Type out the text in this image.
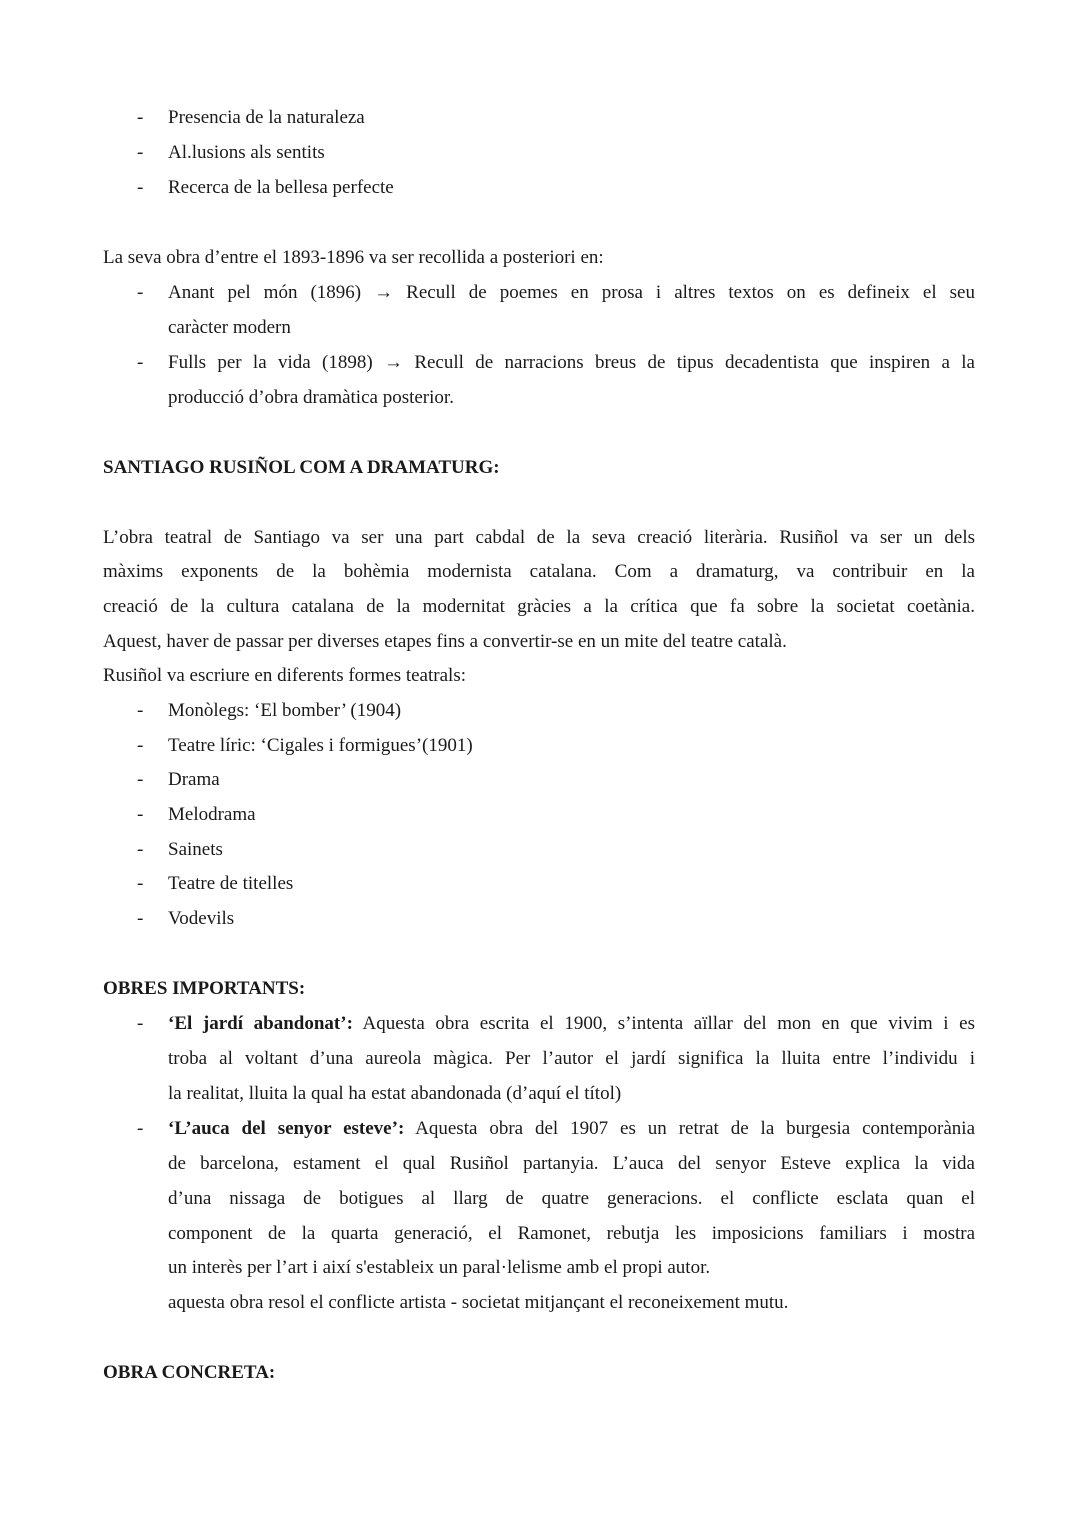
- Presencia de la naturaleza
- Al.lusions als sentits
- Recerca de la bellesa perfecte
La seva obra d’entre el 1893-1896 va ser recollida a posteriori en:
- Anant pel món (1896) → Recull de poemes en prosa i altres textos on es defineix el seu
caràcter modern
- Fulls per la vida (1898) → Recull de narracions breus de tipus decadentista que inspiren a la
producció d’obra dramàtica posterior.
SANTIAGO RUSIÑOL COM A DRAMATURG:
L’obra teatral de Santiago va ser una part cabdal de la seva creació literària. Rusiñol va ser un dels
màxims exponents de la bohèmia modernista catalana. Com a dramaturg, va contribuir en la
creació de la cultura catalana de la modernitat gràcies a la crítica que fa sobre la societat coetània.
Aquest, haver de passar per diverses etapes fins a convertir-se en un mite del teatre català.
Rusiñol va escriure en diferents formes teatrals:
- Monòlegs: ‘El bomber’ (1904)
- Teatre líric: ‘Cigales i formigues’(1901)
- Drama
- Melodrama
- Sainets
- Teatre de titelles
- Vodevils
OBRES IMPORTANTS:
- ‘El jardí abandonat’: Aquesta obra escrita el 1900, s’intenta aïllar del mon en que vivim i es
troba al voltant d’una aureola màgica. Per l’autor el jardí significa la lluita entre l’individu i
la realitat, lluita la qual ha estat abandonada (d’aquí el títol)
- ‘L’auca del senyor esteve’: Aquesta obra del 1907 es un retrat de la burgesia contemporània
de barcelona, estament el qual Rusiñol partanyia. L’auca del senyor Esteve explica la vida
d’una nissaga de botigues al llarg de quatre generacions. el conflicte esclata quan el
component de la quarta generació, el Ramonet, rebutja les imposicions familiars i mostra
un interès per l’art i així s'estableix un paral·lelisme amb el propi autor.
aquesta obra resol el conflicte artista - societat mitjançant el reconeixement mutu.
OBRA CONCRETA:
